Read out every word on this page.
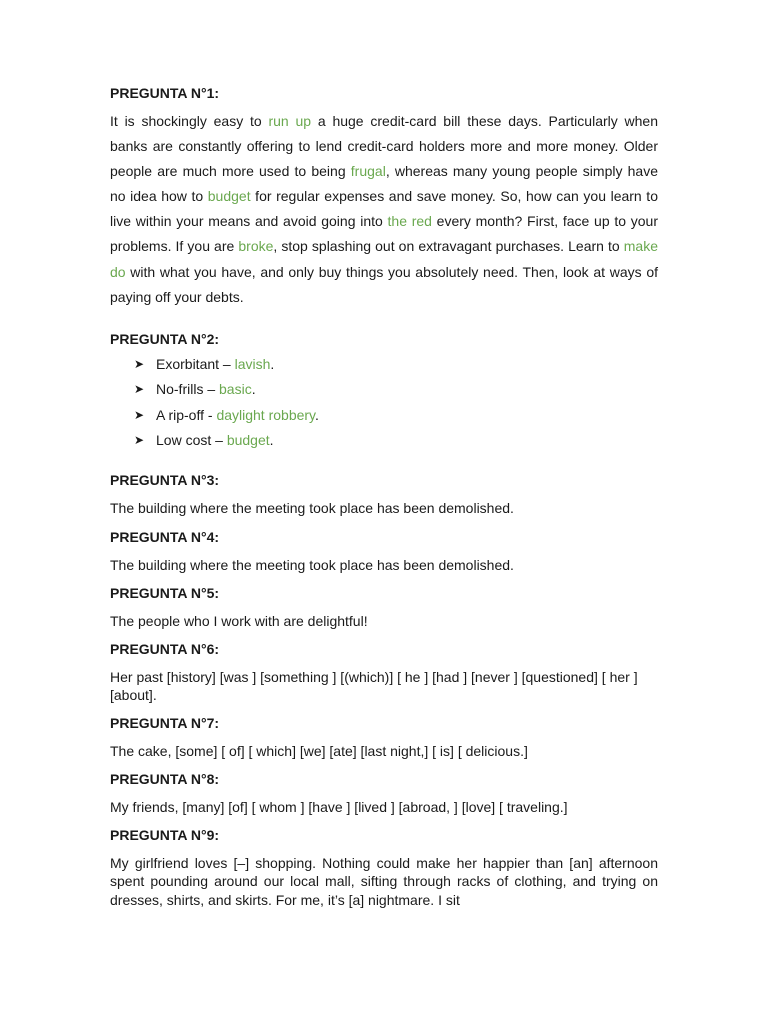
PREGUNTA N°1:

It is shockingly easy to run up a huge credit-card bill these days. Particularly when banks are constantly offering to lend credit-card holders more and more money. Older people are much more used to being frugal, whereas many young people simply have no idea how to budget for regular expenses and save money. So, how can you learn to live within your means and avoid going into the red every month? First, face up to your problems. If you are broke, stop splashing out on extravagant purchases. Learn to make do with what you have, and only buy things you absolutely need. Then, look at ways of paying off your debts.

PREGUNTA N°2:

➤ Exorbitant – lavish.
➤ No-frills – basic.
➤ A rip-off - daylight robbery.
➤ Low cost – budget.

PREGUNTA N°3:

The building where the meeting took place has been demolished.

PREGUNTA N°4:

The building where the meeting took place has been demolished.

PREGUNTA N°5:

The people who I work with are delightful!

PREGUNTA N°6:

Her past [history] [was ] [something ] [(which)] [ he ] [had ] [never ] [questioned] [ her ] [about].

PREGUNTA N°7:

The cake, [some] [ of] [ which] [we] [ate] [last night,] [ is] [ delicious.]

PREGUNTA N°8:

My friends, [many] [of] [ whom ] [have ] [lived ] [abroad, ] [love] [ traveling.]

PREGUNTA N°9:

My girlfriend loves [–] shopping. Nothing could make her happier than [an] afternoon spent pounding around our local mall, sifting through racks of clothing, and trying on dresses, shirts, and skirts. For me, it’s [a] nightmare. I sit
